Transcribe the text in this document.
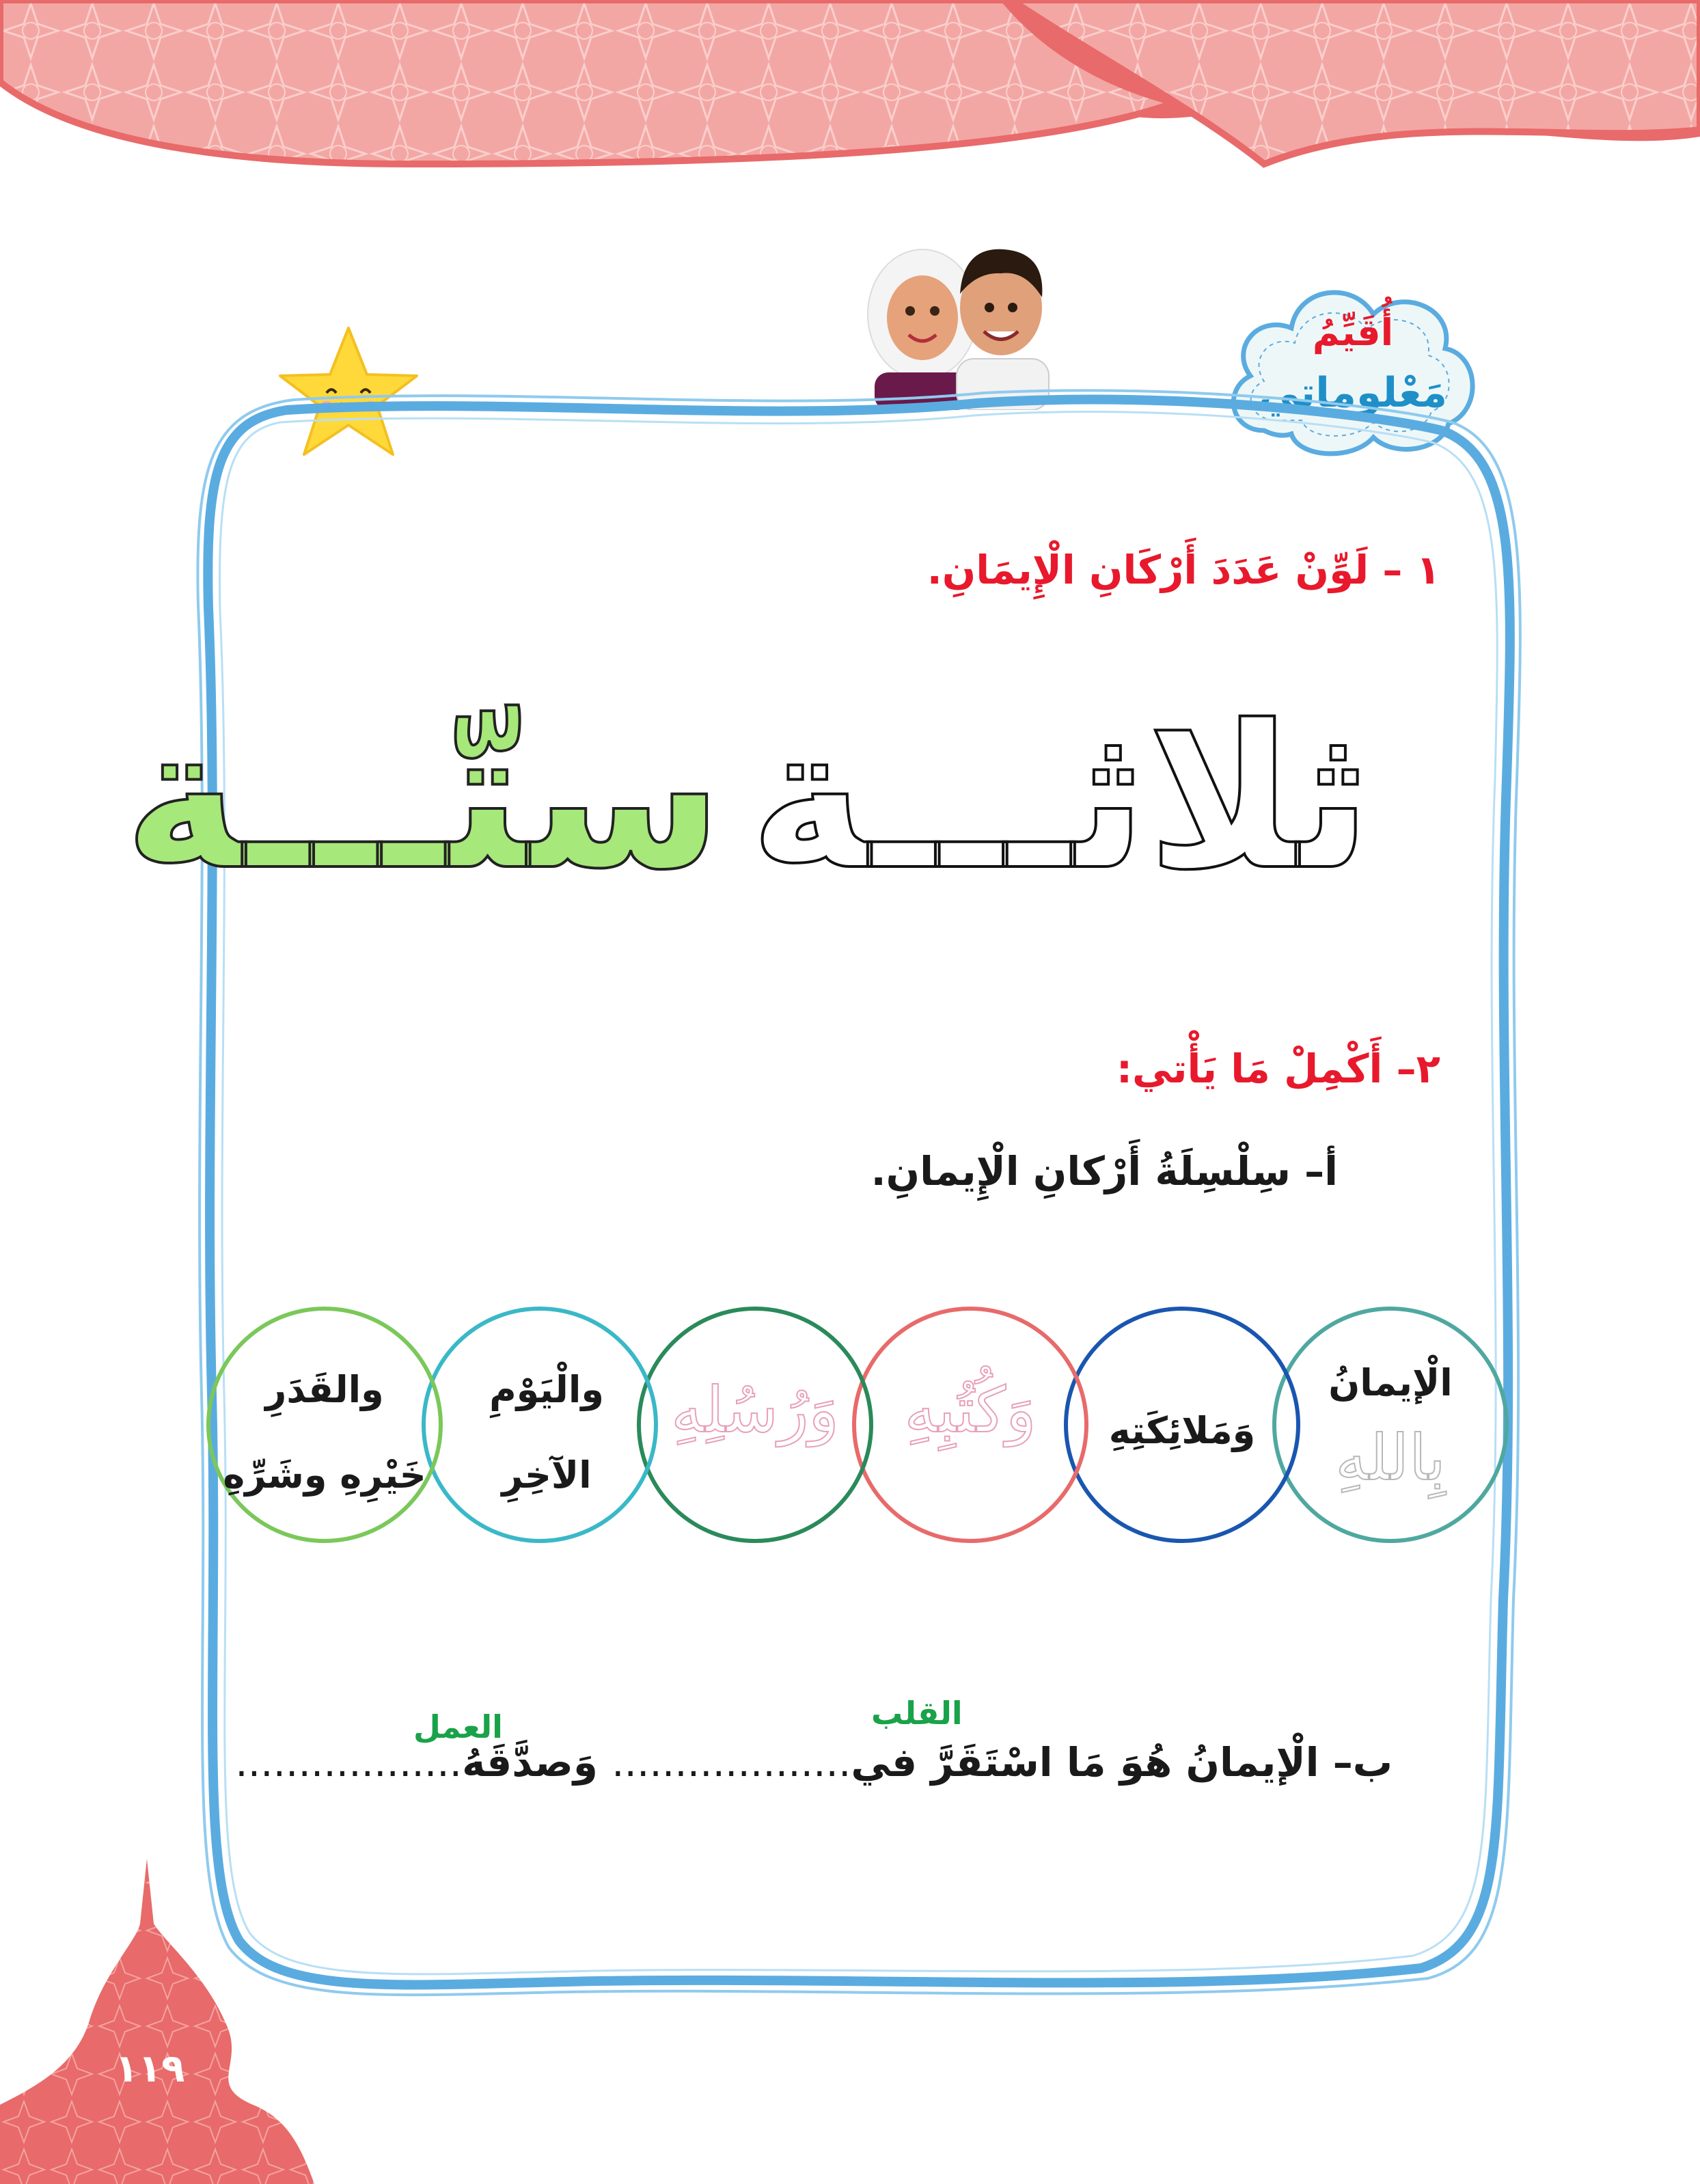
أُقَيِّمُ
مَعْلوماتي
١ – لَوِّنْ عَدَدَ أَرْكَانِ الْإِيمَانِ.
ثلاثـــة
ستّـــة
٢– أَكْمِلْ مَا يَأْتي:
أ– سِلْسِلَةُ أَرْكانِ الْإِيمانِ.
الْإيمانُ
بِاللهِ
وَمَلائِكَتِهِ
وَكُتُبِهِ
وَرُسُلِهِ
والْيَوْمِ
الآخِرِ
والقَدَرِ
خَيْرِهِ وشَرِّهِ
ب– الْإيمانُ هُوَ مَا اسْتَقَرَّ في................... وَصدَّقَهُ..................
القلب
العمل
١١٩
